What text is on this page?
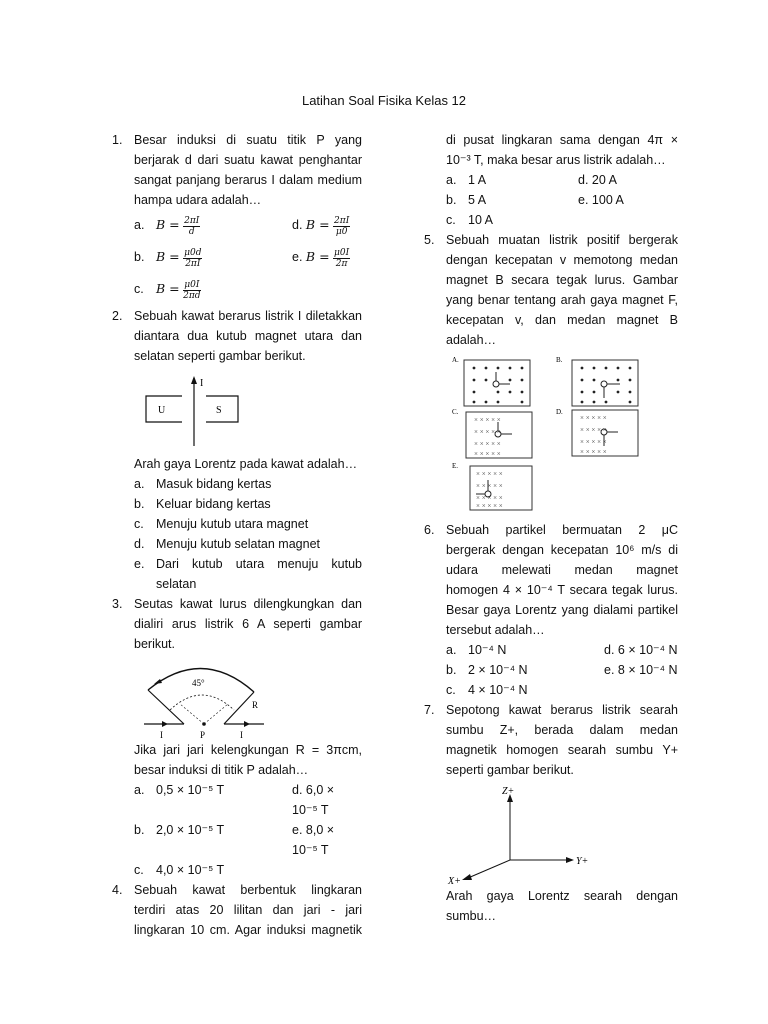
Latihan Soal Fisika Kelas 12
1. Besar induksi di suatu titik P yang
berjarak d dari suatu kawat penghantar
sangat panjang berarus I dalam medium
hampa udara adalah…
a. $B = \frac{2\pi I}{d}$	d. $B = \frac{2\pi I}{\mu 0}$
b. $B = \frac{\mu 0d}{2\pi I}$	e. $B = \frac{\mu 0I}{2\pi}$
c. $B = \frac{\mu 0I}{2\pi d}$
2. Sebuah kawat berarus listrik I diletakkan
diantara dua kutub magnet utara dan
selatan seperti gambar berikut.
I
U	S
Arah gaya Lorentz pada kawat adalah…
a. Masuk bidang kertas
b. Keluar bidang kertas
c. Menuju kutub utara magnet
d. Menuju kutub selatan magnet
e. Dari kutub utara menuju kutub
selatan
3. Seutas kawat lurus dilengkungkan dan
dialiri arus listrik 6 A seperti gambar
berikut.
45°
R
P
I	I
Jika jari jari kelengkungan R = 3πcm,
besar induksi di titik P adalah…
a. 0,5 × 10⁻⁵ T	d. 6,0 × 10⁻⁵ T
b. 2,0 × 10⁻⁵ T	e. 8,0 × 10⁻⁵ T
c. 4,0 × 10⁻⁵ T
4. Sebuah kawat berbentuk lingkaran
terdiri atas 20 lilitan dan jari - jari
lingkaran 10 cm. Agar induksi magnetik
di pusat lingkaran sama dengan 4π ×
10⁻³ T, maka besar arus listrik adalah…
a. 1 A	d. 20 A
b. 5 A	e. 100 A
c. 10 A
5. Sebuah muatan listrik positif bergerak
dengan kecepatan v memotong medan
magnet B secara tegak lurus. Gambar
yang benar tentang arah gaya magnet F,
kecepatan v, dan medan magnet B
adalah…
A.	B.
C.
× × × × ×
× × × × ×
× × × × ×
× × × × ×
D.
× × × × ×
× × × × ×
× × × × ×
× × × × ×
E.
× × × × ×
× × × × ×
× × × × ×
× × × × ×
6. Sebuah partikel bermuatan 2 μC
bergerak dengan kecepatan 10⁶ m/s di
udara melewati medan magnet
homogen 4 × 10⁻⁴ T secara tegak lurus.
Besar gaya Lorentz yang dialami partikel
tersebut adalah…
a. 10⁻⁴ N	d. 6 × 10⁻⁴ N
b. 2 × 10⁻⁴ N	e. 8 × 10⁻⁴ N
c. 4 × 10⁻⁴ N
7. Sepotong kawat berarus listrik searah
sumbu Z+, berada dalam medan
magnetik homogen searah sumbu Y+
seperti gambar berikut.
Z+
Y+
X+
Arah gaya Lorentz searah dengan
sumbu…
